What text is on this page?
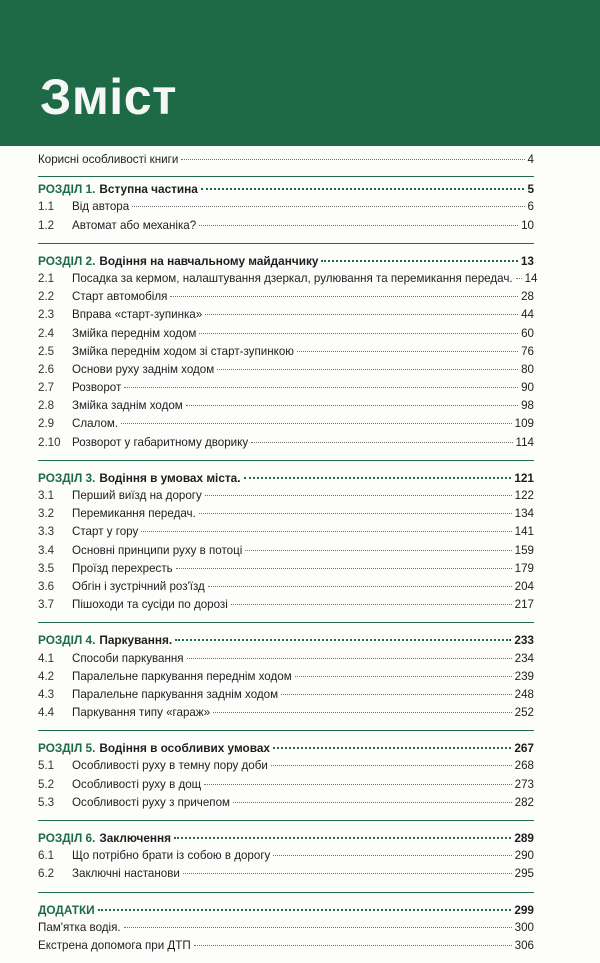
Зміст
Корисні особливості книги	4
РОЗДІЛ 1. Вступна частина	5
1.1	Від автора	6
1.2	Автомат або механіка?	10
РОЗДІЛ 2. Водіння на навчальному майданчику	13
2.1	Посадка за кермом, налаштування дзеркал, рулювання та перемикання передач. 14
2.2	Старт автомобіля	28
2.3	Вправа «старт-зупинка»	44
2.4	Змійка переднім ходом	60
2.5	Змійка переднім ходом зі старт-зупинкою	76
2.6	Основи руху заднім ходом	80
2.7	Розворот	90
2.8	Змійка заднім ходом	98
2.9	Слалом.	109
2.10 Розворот у габаритному дворику	114
РОЗДІЛ 3. Водіння в умовах міста.	121
3.1	Перший виїзд на дорогу	122
3.2	Перемикання передач.	134
3.3	Старт у гору	141
3.4	Основні принципи руху в потоці	159
3.5	Проїзд перехресть	179
3.6	Обгін і зустрічний роз'їзд	204
3.7	Пішоходи та сусіди по дорозі	217
РОЗДІЛ 4. Паркування.	233
4.1	Способи паркування	234
4.2	Паралельне паркування переднім ходом	239
4.3	Паралельне паркування заднім ходом	248
4.4	Паркування типу «гараж»	252
РОЗДІЛ 5. Водіння в особливих умовах	267
5.1	Особливості руху в темну пору доби	268
5.2	Особливості руху в дощ	273
5.3	Особливості руху з причепом	282
РОЗДІЛ 6. Заключення	289
6.1	Що потрібно брати із собою в дорогу	290
6.2	Заключні настанови	295
ДОДАТКИ	299
Пам'ятка водія.	300
Екстрена допомога при ДТП	306
